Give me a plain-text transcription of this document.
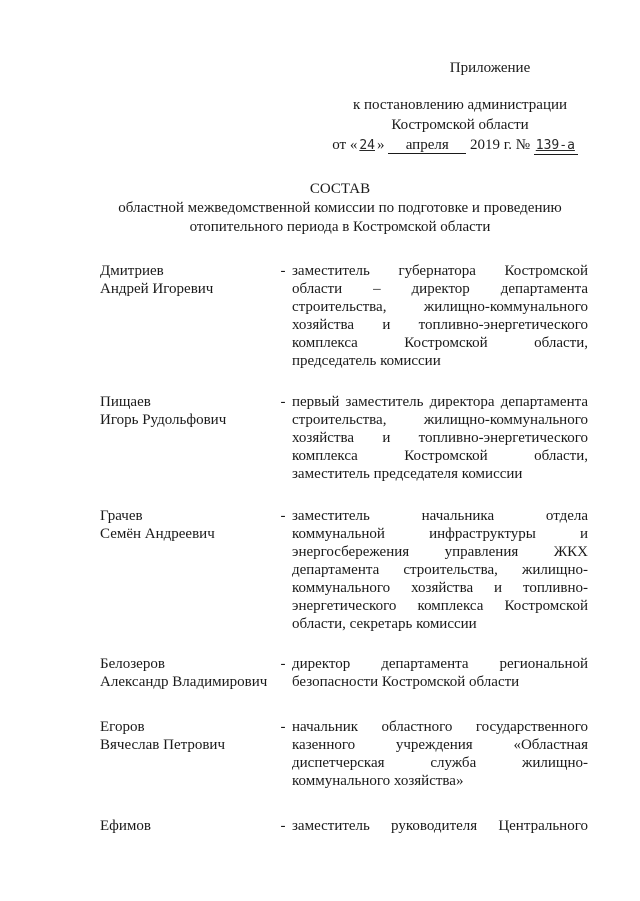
Приложение
к постановлению администрации
Костромской области
от « 24 » апреля 2019 г. № 139-а
СОСТАВ
областной межведомственной комиссии по подготовке и проведению
отопительного периода в Костромской области
Дмитриев
Андрей Игоревич
- заместитель губернатора Костромской
области – директор департамента
строительства, жилищно-коммунального
хозяйства и топливно-энергетического
комплекса Костромской области,
председатель комиссии
Пищаев
Игорь Рудольфович
- первый заместитель директора департамента
строительства, жилищно-коммунального
хозяйства и топливно-энергетического
комплекса Костромской области,
заместитель председателя комиссии
Грачев
Семён Андреевич
- заместитель начальника отдела
коммунальной инфраструктуры и
энергосбережения управления ЖКХ
департамента строительства, жилищно-
коммунального хозяйства и топливно-
энергетического комплекса Костромской
области, секретарь комиссии
Белозеров
Александр Владимирович
- директор департамента региональной
безопасности Костромской области
Егоров
Вячеслав Петрович
- начальник областного государственного
казенного учреждения «Областная
диспетчерская служба жилищно-
коммунального хозяйства»
Ефимов	- заместитель руководителя Центрального
